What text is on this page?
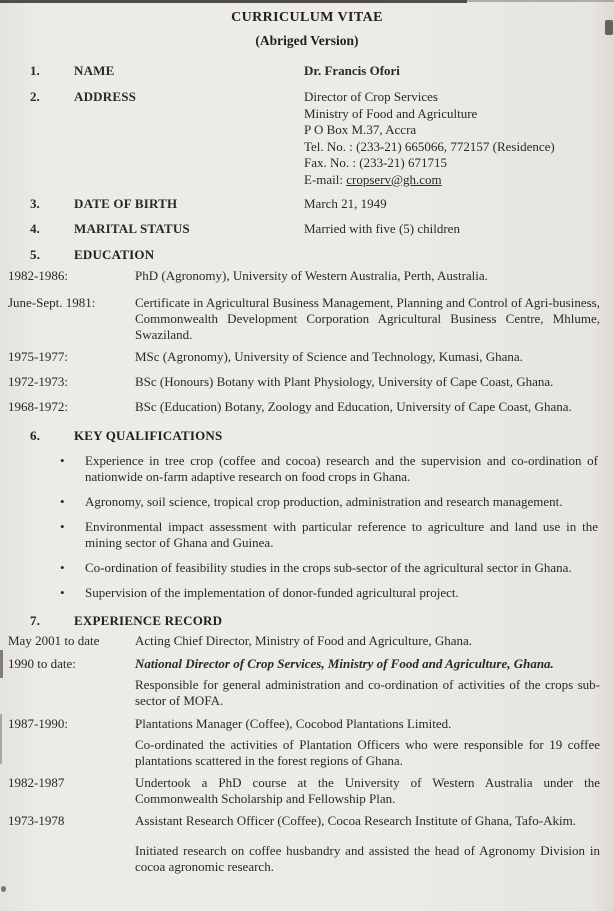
CURRICULUM VITAE
(Abriged Version)
1.	NAME	Dr. Francis Ofori
2.	ADDRESS	Director of Crop Services
Ministry of Food and Agriculture
P O Box M.37, Accra
Tel. No. : (233-21) 665066, 772157 (Residence)
Fax. No. : (233-21) 671715
E-mail: cropserv@gh.com
3.	DATE OF BIRTH	March 21, 1949
4.	MARITAL STATUS	Married with five (5) children
5.	EDUCATION
1982-1986:	PhD (Agronomy), University of Western Australia, Perth, Australia.
June-Sept. 1981:	Certificate in Agricultural Business Management, Planning and Control of Agri-business, Commonwealth Development Corporation Agricultural Business Centre, Mhlume, Swaziland.
1975-1977:	MSc (Agronomy), University of Science and Technology, Kumasi, Ghana.
1972-1973:	BSc (Honours) Botany with Plant Physiology, University of Cape Coast, Ghana.
1968-1972:	BSc (Education) Botany, Zoology and Education, University of Cape Coast, Ghana.
6.	KEY QUALIFICATIONS
•
Experience in tree crop (coffee and cocoa) research and the supervision and co-ordination of nationwide on-farm adaptive research on food crops in Ghana.
•
Agronomy, soil science, tropical crop production, administration and research management.
•
Environmental impact assessment with particular reference to agriculture and land use in the mining sector of Ghana and Guinea.
•
Co-ordination of feasibility studies in the crops sub-sector of the agricultural sector in Ghana.
•
Supervision of the implementation of donor-funded agricultural project.
7.	EXPERIENCE RECORD
May 2001 to date	Acting Chief Director, Ministry of Food and Agriculture, Ghana.
1990 to date:	National Director of Crop Services, Ministry of Food and Agriculture, Ghana.
Responsible for general administration and co-ordination of activities of the crops sub-sector of MOFA.
1987-1990:	Plantations Manager (Coffee), Cocobod Plantations Limited.
Co-ordinated the activities of Plantation Officers who were responsible for 19 coffee plantations scattered in the forest regions of Ghana.
1982-1987	Undertook a PhD course at the University of Western Australia under the Commonwealth Scholarship and Fellowship Plan.
1973-1978	Assistant Research Officer (Coffee), Cocoa Research Institute of Ghana, Tafo-Akim.
Initiated research on coffee husbandry and assisted the head of Agronomy Division in cocoa agronomic research.
